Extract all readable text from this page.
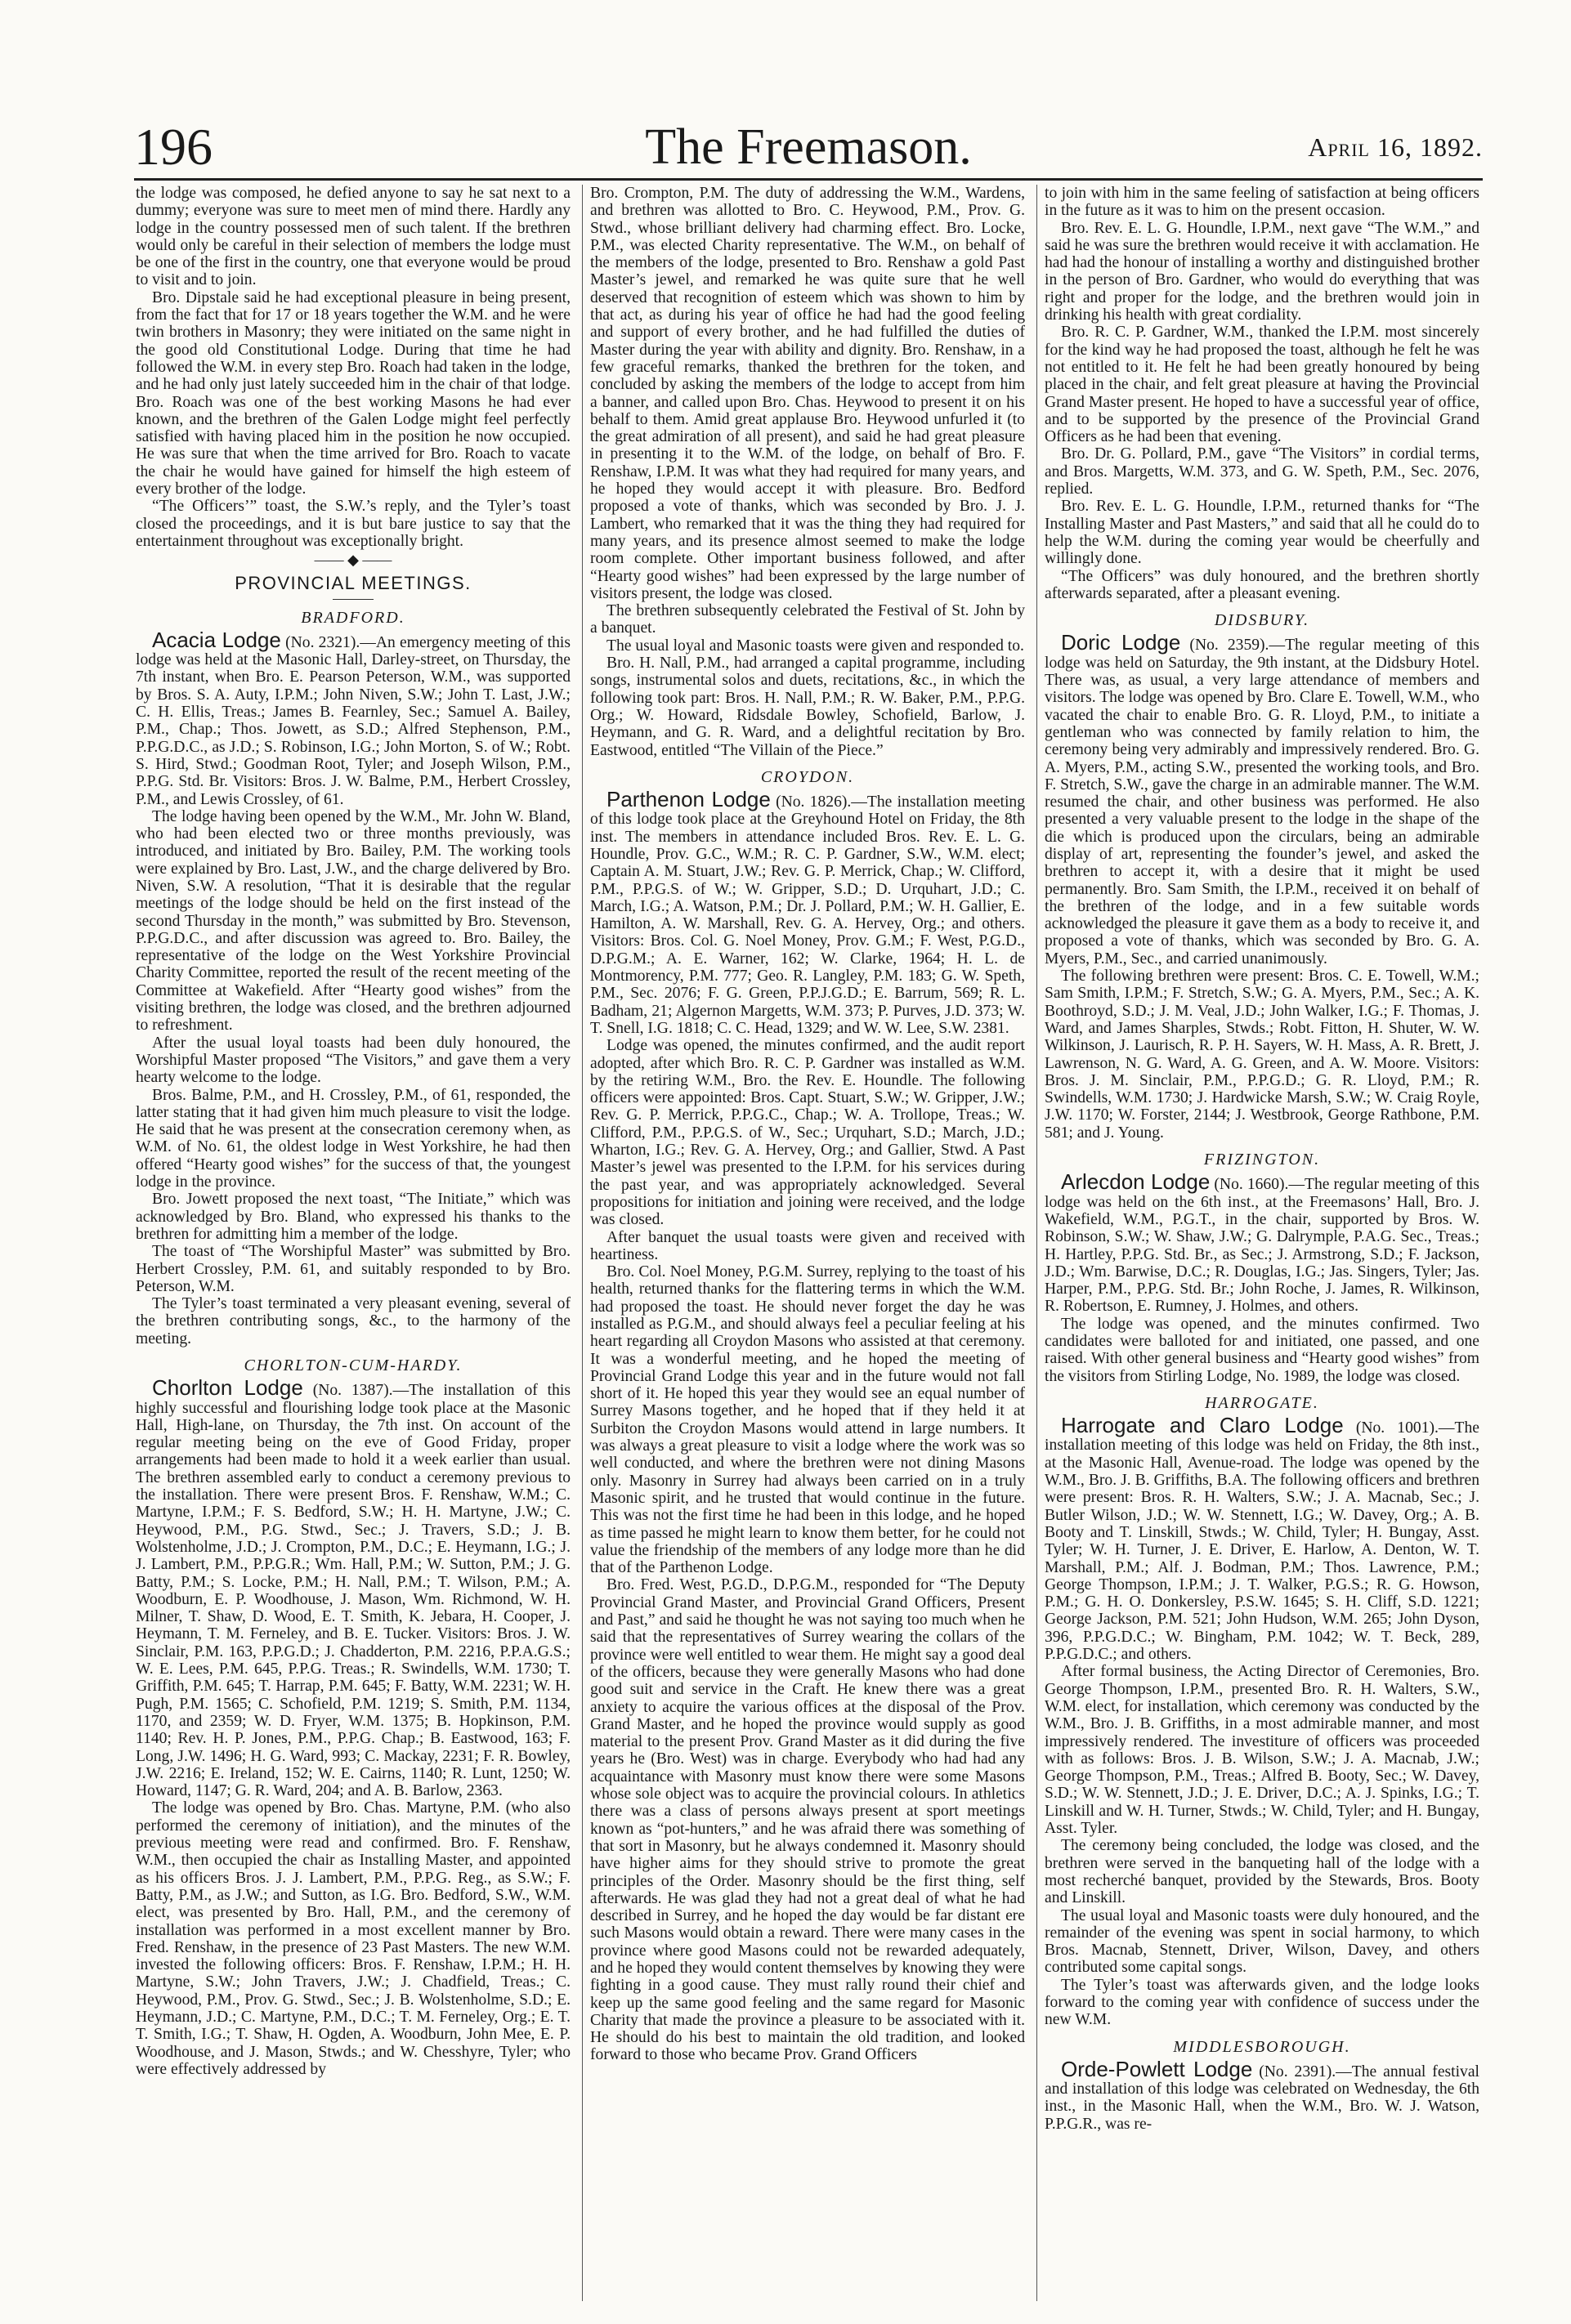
196	The Freemason.	April 16, 1892.

the lodge was composed, he defied anyone to say he sat next to a dummy; everyone was sure to meet men of mind there. Hardly any lodge in the country possessed men of such talent. If the brethren would only be careful in their selection of members the lodge must be one of the first in the country, one that everyone would be proud to visit and to join.

Bro. Dipstale said he had exceptional pleasure in being present, from the fact that for 17 or 18 years together the W.M. and he were twin brothers in Masonry; they were initiated on the same night in the good old Constitutional Lodge. During that time he had followed the W.M. in every step Bro. Roach had taken in the lodge, and he had only just lately succeeded him in the chair of that lodge. Bro. Roach was one of the best working Masons he had ever known, and the brethren of the Galen Lodge might feel perfectly satisfied with having placed him in the position he now occupied. He was sure that when the time arrived for Bro. Roach to vacate the chair he would have gained for himself the high esteem of every brother of the lodge.

“The Officers’” toast, the S.W.’s reply, and the Tyler’s toast closed the proceedings, and it is but bare justice to say that the entertainment throughout was exceptionally bright.

—— ◆ ——
PROVINCIAL MEETINGS.
BRADFORD.

Acacia Lodge (No. 2321).—An emergency meeting of this lodge was held at the Masonic Hall, Darley-street, on Thursday, the 7th instant, when Bro. E. Pearson Peterson, W.M., was supported by Bros. S. A. Auty, I.P.M.; John Niven, S.W.; John T. Last, J.W.; C. H. Ellis, Treas.; James B. Fearnley, Sec.; Samuel A. Bailey, P.M., Chap.; Thos. Jowett, as S.D.; Alfred Stephenson, P.M., P.P.G.D.C., as J.D.; S. Robinson, I.G.; John Morton, S. of W.; Robt. S. Hird, Stwd.; Goodman Root, Tyler; and Joseph Wilson, P.M., P.P.G. Std. Br. Visitors: Bros. J. W. Balme, P.M., Herbert Crossley, P.M., and Lewis Crossley, of 61.

The lodge having been opened by the W.M., Mr. John W. Bland, who had been elected two or three months previously, was introduced, and initiated by Bro. Bailey, P.M. The working tools were explained by Bro. Last, J.W., and the charge delivered by Bro. Niven, S.W. A resolution, “That it is desirable that the regular meetings of the lodge should be held on the first instead of the second Thursday in the month,” was submitted by Bro. Stevenson, P.P.G.D.C., and after discussion was agreed to. Bro. Bailey, the representative of the lodge on the West Yorkshire Provincial Charity Committee, reported the result of the recent meeting of the Committee at Wakefield. After “Hearty good wishes” from the visiting brethren, the lodge was closed, and the brethren adjourned to refreshment.

After the usual loyal toasts had been duly honoured, the Worshipful Master proposed “The Visitors,” and gave them a very hearty welcome to the lodge.

Bros. Balme, P.M., and H. Crossley, P.M., of 61, responded, the latter stating that it had given him much pleasure to visit the lodge. He said that he was present at the consecration ceremony when, as W.M. of No. 61, the oldest lodge in West Yorkshire, he had then offered “Hearty good wishes” for the success of that, the youngest lodge in the province.

Bro. Jowett proposed the next toast, “The Initiate,” which was acknowledged by Bro. Bland, who expressed his thanks to the brethren for admitting him a member of the lodge.

The toast of “The Worshipful Master” was submitted by Bro. Herbert Crossley, P.M. 61, and suitably responded to by Bro. Peterson, W.M.

The Tyler’s toast terminated a very pleasant evening, several of the brethren contributing songs, &c., to the harmony of the meeting.

CHORLTON-CUM-HARDY.

Chorlton Lodge (No. 1387).—The installation of this highly successful and flourishing lodge took place at the Masonic Hall, High-lane, on Thursday, the 7th inst. On account of the regular meeting being on the eve of Good Friday, proper arrangements had been made to hold it a week earlier than usual. The brethren assembled early to conduct a ceremony previous to the installation. There were present Bros. F. Renshaw, W.M.; C. Martyne, I.P.M.; F. S. Bedford, S.W.; H. H. Martyne, J.W.; C. Heywood, P.M., P.G. Stwd., Sec.; J. Travers, S.D.; J. B. Wolstenholme, J.D.; J. Crompton, P.M., D.C.; E. Heymann, I.G.; J. J. Lambert, P.M., P.P.G.R.; Wm. Hall, P.M.; W. Sutton, P.M.; J. G. Batty, P.M.; S. Locke, P.M.; H. Nall, P.M.; T. Wilson, P.M.; A. Woodburn, E. P. Woodhouse, J. Mason, Wm. Richmond, W. H. Milner, T. Shaw, D. Wood, E. T. Smith, K. Jebara, H. Cooper, J. Heymann, T. M. Ferneley, and B. E. Tucker. Visitors: Bros. J. W. Sinclair, P.M. 163, P.P.G.D.; J. Chadderton, P.M. 2216, P.P.A.G.S.; W. E. Lees, P.M. 645, P.P.G. Treas.; R. Swindells, W.M. 1730; T. Griffith, P.M. 645; T. Harrap, P.M. 645; F. Batty, W.M. 2231; W. H. Pugh, P.M. 1565; C. Schofield, P.M. 1219; S. Smith, P.M. 1134, 1170, and 2359; W. D. Fryer, W.M. 1375; B. Hopkinson, P.M. 1140; Rev. H. P. Jones, P.M., P.P.G. Chap.; B. Eastwood, 163; F. Long, J.W. 1496; H. G. Ward, 993; C. Mackay, 2231; F. R. Bowley, J.W. 2216; E. Ireland, 152; W. E. Cairns, 1140; R. Lunt, 1250; W. Howard, 1147; G. R. Ward, 204; and A. B. Barlow, 2363.

The lodge was opened by Bro. Chas. Martyne, P.M. (who also performed the ceremony of initiation), and the minutes of the previous meeting were read and confirmed. Bro. F. Renshaw, W.M., then occupied the chair as Installing Master, and appointed as his officers Bros. J. J. Lambert, P.M., P.P.G. Reg., as S.W.; F. Batty, P.M., as J.W.; and Sutton, as I.G. Bro. Bedford, S.W., W.M. elect, was presented by Bro. Hall, P.M., and the ceremony of installation was performed in a most excellent manner by Bro. Fred. Renshaw, in the presence of 23 Past Masters. The new W.M. invested the following officers: Bros. F. Renshaw, I.P.M.; H. H. Martyne, S.W.; John Travers, J.W.; J. Chadfield, Treas.; C. Heywood, P.M., Prov. G. Stwd., Sec.; J. B. Wolstenholme, S.D.; E. Heymann, J.D.; C. Martyne, P.M., D.C.; T. M. Ferneley, Org.; E. T. T. Smith, I.G.; T. Shaw, H. Ogden, A. Woodburn, John Mee, E. P. Woodhouse, and J. Mason, Stwds.; and W. Chesshyre, Tyler; who were effectively addressed by

Bro. Crompton, P.M. The duty of addressing the W.M., Wardens, and brethren was allotted to Bro. C. Heywood, P.M., Prov. G. Stwd., whose brilliant delivery had charming effect. Bro. Locke, P.M., was elected Charity representative. The W.M., on behalf of the members of the lodge, presented to Bro. Renshaw a gold Past Master’s jewel, and remarked he was quite sure that he well deserved that recognition of esteem which was shown to him by that act, as during his year of office he had had the good feeling and support of every brother, and he had fulfilled the duties of Master during the year with ability and dignity. Bro. Renshaw, in a few graceful remarks, thanked the brethren for the token, and concluded by asking the members of the lodge to accept from him a banner, and called upon Bro. Chas. Heywood to present it on his behalf to them. Amid great applause Bro. Heywood unfurled it (to the great admiration of all present), and said he had great pleasure in presenting it to the W.M. of the lodge, on behalf of Bro. F. Renshaw, I.P.M. It was what they had required for many years, and he hoped they would accept it with pleasure. Bro. Bedford proposed a vote of thanks, which was seconded by Bro. J. J. Lambert, who remarked that it was the thing they had required for many years, and its presence almost seemed to make the lodge room complete. Other important business followed, and after “Hearty good wishes” had been expressed by the large number of visitors present, the lodge was closed.

The brethren subsequently celebrated the Festival of St. John by a banquet.

The usual loyal and Masonic toasts were given and responded to.

Bro. H. Nall, P.M., had arranged a capital programme, including songs, instrumental solos and duets, recitations, &c., in which the following took part: Bros. H. Nall, P.M.; R. W. Baker, P.M., P.P.G. Org.; W. Howard, Ridsdale Bowley, Schofield, Barlow, J. Heymann, and G. R. Ward, and a delightful recitation by Bro. Eastwood, entitled “The Villain of the Piece.”

CROYDON.

Parthenon Lodge (No. 1826).—The installation meeting of this lodge took place at the Greyhound Hotel on Friday, the 8th inst. The members in attendance included Bros. Rev. E. L. G. Houndle, Prov. G.C., W.M.; R. C. P. Gardner, S.W., W.M. elect; Captain A. M. Stuart, J.W.; Rev. G. P. Merrick, Chap.; W. Clifford, P.M., P.P.G.S. of W.; W. Gripper, S.D.; D. Urquhart, J.D.; C. March, I.G.; A. Watson, P.M.; Dr. J. Pollard, P.M.; W. H. Gallier, E. Hamilton, A. W. Marshall, Rev. G. A. Hervey, Org.; and others. Visitors: Bros. Col. G. Noel Money, Prov. G.M.; F. West, P.G.D., D.P.G.M.; A. E. Warner, 162; W. Clarke, 1964; H. L. de Montmorency, P.M. 777; Geo. R. Langley, P.M. 183; G. W. Speth, P.M., Sec. 2076; F. G. Green, P.P.J.G.D.; E. Barrum, 569; R. L. Badham, 21; Algernon Margetts, W.M. 373; P. Purves, J.D. 373; W. T. Snell, I.G. 1818; C. C. Head, 1329; and W. W. Lee, S.W. 2381.

Lodge was opened, the minutes confirmed, and the audit report adopted, after which Bro. R. C. P. Gardner was installed as W.M. by the retiring W.M., Bro. the Rev. E. Houndle. The following officers were appointed: Bros. Capt. Stuart, S.W.; W. Gripper, J.W.; Rev. G. P. Merrick, P.P.G.C., Chap.; W. A. Trollope, Treas.; W. Clifford, P.M., P.P.G.S. of W., Sec.; Urquhart, S.D.; March, J.D.; Wharton, I.G.; Rev. G. A. Hervey, Org.; and Gallier, Stwd. A Past Master’s jewel was presented to the I.P.M. for his services during the past year, and was appropriately acknowledged. Several propositions for initiation and joining were received, and the lodge was closed.

After banquet the usual toasts were given and received with heartiness.

Bro. Col. Noel Money, P.G.M. Surrey, replying to the toast of his health, returned thanks for the flattering terms in which the W.M. had proposed the toast. He should never forget the day he was installed as P.G.M., and should always feel a peculiar feeling at his heart regarding all Croydon Masons who assisted at that ceremony. It was a wonderful meeting, and he hoped the meeting of Provincial Grand Lodge this year and in the future would not fall short of it. He hoped this year they would see an equal number of Surrey Masons together, and he hoped that if they held it at Surbiton the Croydon Masons would attend in large numbers. It was always a great pleasure to visit a lodge where the work was so well conducted, and where the brethren were not dining Masons only. Masonry in Surrey had always been carried on in a truly Masonic spirit, and he trusted that would continue in the future. This was not the first time he had been in this lodge, and he hoped as time passed he might learn to know them better, for he could not value the friendship of the members of any lodge more than he did that of the Parthenon Lodge.

Bro. Fred. West, P.G.D., D.P.G.M., responded for “The Deputy Provincial Grand Master, and Provincial Grand Officers, Present and Past,” and said he thought he was not saying too much when he said that the representatives of Surrey wearing the collars of the province were well entitled to wear them. He might say a good deal of the officers, because they were generally Masons who had done good suit and service in the Craft. He knew there was a great anxiety to acquire the various offices at the disposal of the Prov. Grand Master, and he hoped the province would supply as good material to the present Prov. Grand Master as it did during the five years he (Bro. West) was in charge. Everybody who had had any acquaintance with Masonry must know there were some Masons whose sole object was to acquire the provincial colours. In athletics there was a class of persons always present at sport meetings known as “pot-hunters,” and he was afraid there was something of that sort in Masonry, but he always condemned it. Masonry should have higher aims for they should strive to promote the great principles of the Order. Masonry should be the first thing, self afterwards. He was glad they had not a great deal of what he had described in Surrey, and he hoped the day would be far distant ere such Masons would obtain a reward. There were many cases in the province where good Masons could not be rewarded adequately, and he hoped they would content themselves by knowing they were fighting in a good cause. They must rally round their chief and keep up the same good feeling and the same regard for Masonic Charity that made the province a pleasure to be associated with it. He should do his best to maintain the old tradition, and looked forward to those who became Prov. Grand Officers

to join with him in the same feeling of satisfaction at being officers in the future as it was to him on the present occasion.

Bro. Rev. E. L. G. Houndle, I.P.M., next gave “The W.M.,” and said he was sure the brethren would receive it with acclamation. He had had the honour of installing a worthy and distinguished brother in the person of Bro. Gardner, who would do everything that was right and proper for the lodge, and the brethren would join in drinking his health with great cordiality.

Bro. R. C. P. Gardner, W.M., thanked the I.P.M. most sincerely for the kind way he had proposed the toast, although he felt he was not entitled to it. He felt he had been greatly honoured by being placed in the chair, and felt great pleasure at having the Provincial Grand Master present. He hoped to have a successful year of office, and to be supported by the presence of the Provincial Grand Officers as he had been that evening.

Bro. Dr. G. Pollard, P.M., gave “The Visitors” in cordial terms, and Bros. Margetts, W.M. 373, and G. W. Speth, P.M., Sec. 2076, replied.

Bro. Rev. E. L. G. Houndle, I.P.M., returned thanks for “The Installing Master and Past Masters,” and said that all he could do to help the W.M. during the coming year would be cheerfully and willingly done.

“The Officers” was duly honoured, and the brethren shortly afterwards separated, after a pleasant evening.

DIDSBURY.

Doric Lodge (No. 2359).—The regular meeting of this lodge was held on Saturday, the 9th instant, at the Didsbury Hotel. There was, as usual, a very large attendance of members and visitors. The lodge was opened by Bro. Clare E. Towell, W.M., who vacated the chair to enable Bro. G. R. Lloyd, P.M., to initiate a gentleman who was connected by family relation to him, the ceremony being very admirably and impressively rendered. Bro. G. A. Myers, P.M., acting S.W., presented the working tools, and Bro. F. Stretch, S.W., gave the charge in an admirable manner. The W.M. resumed the chair, and other business was performed. He also presented a very valuable present to the lodge in the shape of the die which is produced upon the circulars, being an admirable display of art, representing the founder’s jewel, and asked the brethren to accept it, with a desire that it might be used permanently. Bro. Sam Smith, the I.P.M., received it on behalf of the brethren of the lodge, and in a few suitable words acknowledged the pleasure it gave them as a body to receive it, and proposed a vote of thanks, which was seconded by Bro. G. A. Myers, P.M., Sec., and carried unanimously.

The following brethren were present: Bros. C. E. Towell, W.M.; Sam Smith, I.P.M.; F. Stretch, S.W.; G. A. Myers, P.M., Sec.; A. K. Boothroyd, S.D.; J. M. Veal, J.D.; John Walker, I.G.; F. Thomas, J. Ward, and James Sharples, Stwds.; Robt. Fitton, H. Shuter, W. W. Wilkinson, J. Laurisch, R. P. H. Sayers, W. H. Mass, A. R. Brett, J. Lawrenson, N. G. Ward, A. G. Green, and A. W. Moore. Visitors: Bros. J. M. Sinclair, P.M., P.P.G.D.; G. R. Lloyd, P.M.; R. Swindells, W.M. 1730; J. Hardwicke Marsh, S.W.; W. Craig Royle, J.W. 1170; W. Forster, 2144; J. Westbrook, George Rathbone, P.M. 581; and J. Young.

FRIZINGTON.

Arlecdon Lodge (No. 1660).—The regular meeting of this lodge was held on the 6th inst., at the Freemasons’ Hall, Bro. J. Wakefield, W.M., P.G.T., in the chair, supported by Bros. W. Robinson, S.W.; W. Shaw, J.W.; G. Dalrymple, P.A.G. Sec., Treas.; H. Hartley, P.P.G. Std. Br., as Sec.; J. Armstrong, S.D.; F. Jackson, J.D.; Wm. Barwise, D.C.; R. Douglas, I.G.; Jas. Singers, Tyler; Jas. Harper, P.M., P.P.G. Std. Br.; John Roche, J. James, R. Wilkinson, R. Robertson, E. Rumney, J. Holmes, and others.

The lodge was opened, and the minutes confirmed. Two candidates were balloted for and initiated, one passed, and one raised. With other general business and “Hearty good wishes” from the visitors from Stirling Lodge, No. 1989, the lodge was closed.

HARROGATE.

Harrogate and Claro Lodge (No. 1001).—The installation meeting of this lodge was held on Friday, the 8th inst., at the Masonic Hall, Avenue-road. The lodge was opened by the W.M., Bro. J. B. Griffiths, B.A. The following officers and brethren were present: Bros. R. H. Walters, S.W.; J. A. Macnab, Sec.; J. Butler Wilson, J.D.; W. W. Stennett, I.G.; W. Davey, Org.; A. B. Booty and T. Linskill, Stwds.; W. Child, Tyler; H. Bungay, Asst. Tyler; W. H. Turner, J. E. Driver, E. Harlow, A. Denton, W. T. Marshall, P.M.; Alf. J. Bodman, P.M.; Thos. Lawrence, P.M.; George Thompson, I.P.M.; J. T. Walker, P.G.S.; R. G. Howson, P.M.; G. H. O. Donkersley, P.S.W. 1645; S. H. Cliff, S.D. 1221; George Jackson, P.M. 521; John Hudson, W.M. 265; John Dyson, 396, P.P.G.D.C.; W. Bingham, P.M. 1042; W. T. Beck, 289, P.P.G.D.C.; and others.

After formal business, the Acting Director of Ceremonies, Bro. George Thompson, I.P.M., presented Bro. R. H. Walters, S.W., W.M. elect, for installation, which ceremony was conducted by the W.M., Bro. J. B. Griffiths, in a most admirable manner, and most impressively rendered. The investiture of officers was proceeded with as follows: Bros. J. B. Wilson, S.W.; J. A. Macnab, J.W.; George Thompson, P.M., Treas.; Alfred B. Booty, Sec.; W. Davey, S.D.; W. W. Stennett, J.D.; J. E. Driver, D.C.; A. J. Spinks, I.G.; T. Linskill and W. H. Turner, Stwds.; W. Child, Tyler; and H. Bungay, Asst. Tyler.

The ceremony being concluded, the lodge was closed, and the brethren were served in the banqueting hall of the lodge with a most recherché banquet, provided by the Stewards, Bros. Booty and Linskill.

The usual loyal and Masonic toasts were duly honoured, and the remainder of the evening was spent in social harmony, to which Bros. Macnab, Stennett, Driver, Wilson, Davey, and others contributed some capital songs.

The Tyler’s toast was afterwards given, and the lodge looks forward to the coming year with confidence of success under the new W.M.

MIDDLESBOROUGH.

Orde-Powlett Lodge (No. 2391).—The annual festival and installation of this lodge was celebrated on Wednesday, the 6th inst., in the Masonic Hall, when the W.M., Bro. W. J. Watson, P.P.G.R., was re-
